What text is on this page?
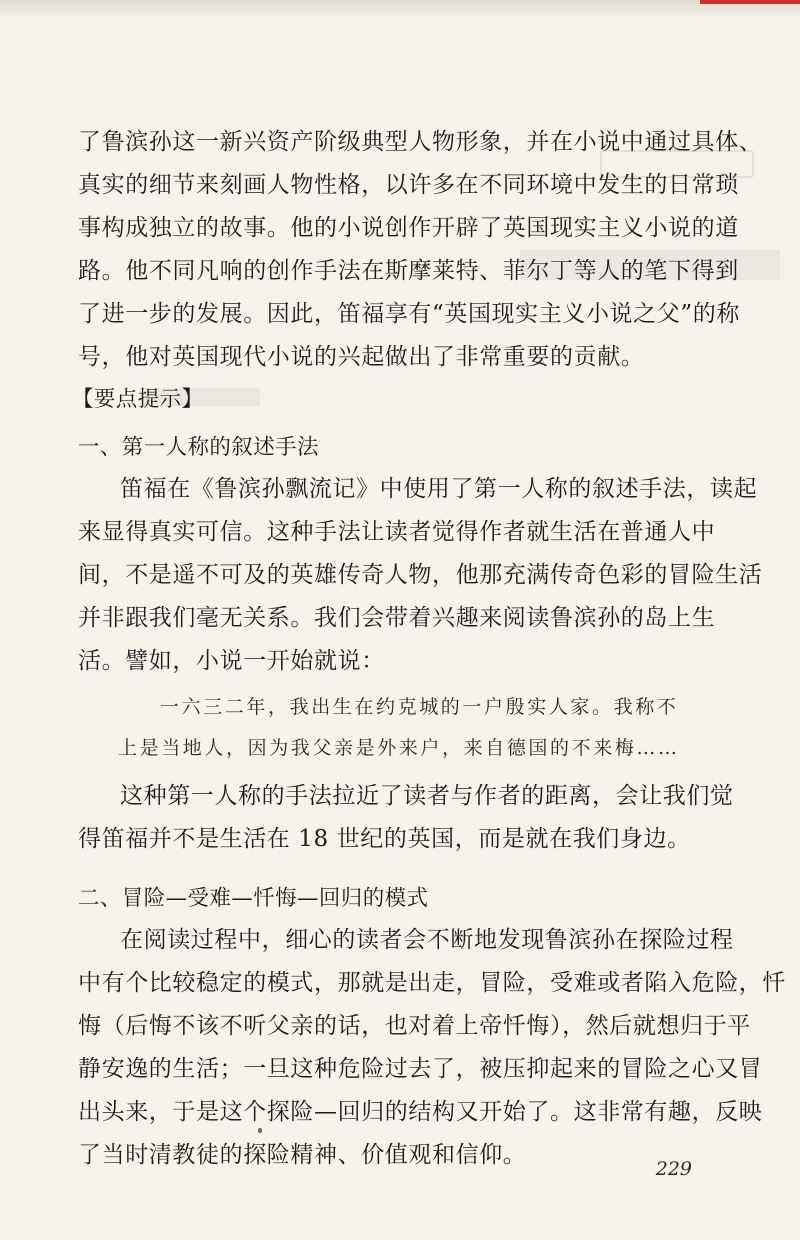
了鲁滨孙这一新兴资产阶级典型人物形象，并在小说中通过具体、
真实的细节来刻画人物性格，以许多在不同环境中发生的日常琐
事构成独立的故事。他的小说创作开辟了英国现实主义小说的道
路。他不同凡响的创作手法在斯摩莱特、菲尔丁等人的笔下得到
了进一步的发展。因此，笛福享有“英国现实主义小说之父”的称
号，他对英国现代小说的兴起做出了非常重要的贡献。
【要点提示】
一、第一人称的叙述手法
笛福在《鲁滨孙飘流记》中使用了第一人称的叙述手法，读起
来显得真实可信。这种手法让读者觉得作者就生活在普通人中
间，不是遥不可及的英雄传奇人物，他那充满传奇色彩的冒险生活
并非跟我们毫无关系。我们会带着兴趣来阅读鲁滨孙的岛上生
活。譬如，小说一开始就说：
一六三二年，我出生在约克城的一户殷实人家。我称不
上是当地人，因为我父亲是外来户，来自德国的不来梅……
这种第一人称的手法拉近了读者与作者的距离，会让我们觉
得笛福并不是生活在 18 世纪的英国，而是就在我们身边。
二、冒险—受难—忏悔—回归的模式
在阅读过程中，细心的读者会不断地发现鲁滨孙在探险过程
中有个比较稳定的模式，那就是出走，冒险，受难或者陷入危险，忏
悔（后悔不该不听父亲的话，也对着上帝忏悔），然后就想归于平
静安逸的生活；一旦这种危险过去了，被压抑起来的冒险之心又冒
出头来，于是这个探险—回归的结构又开始了。这非常有趣，反映
了当时清教徒的探险精神、价值观和信仰。
229
